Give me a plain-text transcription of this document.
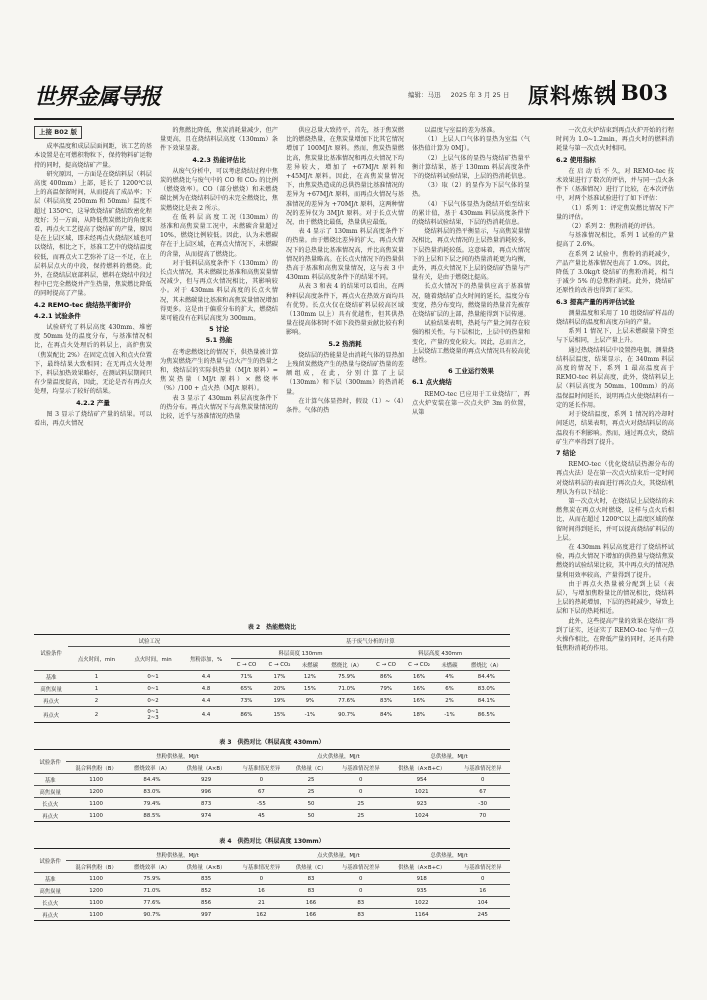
世界金属导报	编辑：马迅 2025 年 3 月 25 日 原料炼铁 B03
上接 B02 版

成率温度和成层层面间距，该工艺的基本设置是在可燃积物粒下，保持物料矿运物持的同时，提高烧结矿产量。

研究原因，一方面是在烧结料层（料层高度 400mm）上部，延长了 1200℃以上的高温保留时间，从而提高了成品率；下层（料层高度 250mm 和 50mm）温度不超过 1350℃，这导致烧结矿烧结致密化程度好；另一方面，从降低焦炭燃比的角度来看，再点火工艺提高了烧结矿的产量，原因是在上层区域，即未经再点火烧结区域也可以烧结，相比之下，基准工艺中的烧结温度较低，而再点火工艺弥补了这一不足，在上层料层点火的中段，保持燃料的燃烧。此外，在烧结层底部料层，燃料在烧结中段过程中已完全燃烧并产生热量，焦炭燃比降低的同时提高了产量。

4.2 REMO-tec 烧结热平衡评价
4.2.1 试验条件

试验研究了料层高度 430mm、堆密度 50mm 处的温度分布，与基准情况相比，在再点火处理后的料层上，高炉焦炭（焦炭配比 2%）在固定点加入和点火位置下，最终结果大致相同；在无再点火处理下，料层加热效果略好，在测试料层期间只有少量温度提高，因此，无论是否有再点火处理，均显示了较好的结果。

4.2.2 产量

图 3 显示了烧结矿产量的结果。可以看出，再点火情况

的焦燃比降低，焦炭消耗量减少，但产量更高，且在烧结料层高度（130mm）条件下效果显著。

4.2.3 热能评估比

从废气分析中，可以考虑烧结过程中焦炭的燃烧比与废气中的 CO 和 CO₂ 的比例（燃烧效率）。CO（部分燃烧）和未燃烧碳比例为在烧结料层中的未完全燃烧比，焦炭燃烧比是表 2 所示。

在 低 料 层 高 度 工 况（130mm）的基准和高焦炭量工况中，未燃碳含量超过 10%，燃烧比例较低。因此，认为未燃碳存在于上层区域，在再点火情况下，未燃碳的含量，从而提高了燃烧比。

对于低料层高度条件下（130mm）的长点火情况，其未燃碳比基准和高焦炭量情况减少，但与再点火情况相比，其影响较小。对于 430mm 料层高度的长点火情况，其未燃碳量比基准和高焦炭量情况增加得更多。这是由于偏重分布的扩大，燃烧结果可能没有在料层高度为 300mm。

5 讨论
5.1 热能

在考虑燃烧比的情况下，供热量被计算为焦炭燃烧产生的热量与点火产生的热量之和，烧结层的实际供热量（MJ/t 原料）= 焦炭热量（MJ/t 原料）× 燃烧率（%）/100 + 点火热（MJ/t 原料）。

表 3 显示了 430mm 料层高度条件下的热分布。再点火情况下与高焦炭量情况的比较，近乎与基准情况的热量

供应总量大致持平，首先，基于焦炭燃比的燃烧热量，在焦炭量增加下比其它情况增加了 100MJ/t 原料。然而，焦炭热量燃比高，焦炭量比基准情况和再点火情况下均差异较大，增加了 +67MJ/t 原料和 +45MJ/t 原料。因此，在高焦炭量情况下，由焦炭热造成的总供热量比基准情况的差异为 +67MJ/t 原料，而再点火情况与基准情况的差异为 +70MJ/t 原料，这两种情况的差异仅为 3MJ/t 原料。对于长点火情况，由于燃烧比最低，热量供应最低。

表 4 显示了 130mm 料层高度条件下的热量。由于燃烧比差异的扩大，再点火情况下的总热量比基准情况高，并比高焦炭量情况的热量略高。在长点火情况下的热量供热高于基准和高焦炭量情况，这与表 3 中 430mm 料层高度条件下的结果不同。

从表 3 和表 4 的结果可以看出，在两种料层高度条件下，再点火在热效方面均具有优势。长点火仅在烧结矿料层较高区域（130mm 以上）具有优越性，但其供热量在提高体积时不如下段热量贡献比较有利影响。

5.2 热消耗

烧结层的热能量是由消耗气体的显热加上残留炭燃烧产生的热量与烧结矿热量的差额组成，在此，分别计算了上层（130mm）和下层（300mm）的热消耗量。

在计算气体显热时，假设（1）~（4）条件。气体的热

以温度与室温的差为基准。

（1）上层人口气体的显热为室温（气体热值计算为 0MJ）。

（2）上层气体的显热与烧结矿热量平衡计算结果，基于 130mm 料层高度条件下的烧结料试验结果，上层的热消耗信息。

（3）取（2）的显作为下层气体的显热。

（4）下层气体显热为烧结开始至结束的累计值，基于 430mm 料层高度条件下的烧结料试验结果，下层的热消耗信息。

烧结料层的热平衡显示，与高焦炭量情况相比，再点火情况的上层热量消耗较多，下层热量消耗较低。这意味着，再点火情况下的上层和下层之间的热量消耗更为均衡，此外，再点火情况下上层的烧结矿热量与产量有关，是由于燃烧比提高。

长点火情况下的热量供应高于基准情况，随着烧结矿点火时间的延长，温度分布变宽，热分布变均，燃烧量的热量首先被存在烧结矿层的上部，热量能得到下层传递。

试验结果表明，热耗与产量之间存在较强的相关性，与下层相比，上层中的热量和变化，产量的变化较大。因此，总而言之，上层烧结工燃烧量的再点火情况具有较高优越性。

6 工业运行效果
6.1 点火烧结

REMO-tec 已应用于工业烧结厂，再点火炉安装在第一次点火炉 3m 的位置，从第

一次点火炉结束到再点火炉开始的行程时间为 1.0~1.2min，再点火时的燃料消耗量与第一次点火时相同。

6.2 使用指标

在 启 动 后 不 久，对 REMO-tec 技术效果进行了数次的评估，并与同一点火条件下（基准情况）进行了比较，在本次评估中，对两个基准试验进行了如下评估：

（1）系列 1：评定焦炭燃比情况下产量的评估。

（2）系列 2：焦粉消耗的评估。

与基准情况相比，系列 1 试验的产量提高了 2.6%。

在系列 2 试验中，焦粉的消耗减少，产品产量比基准情况也高了 1.0%。因此，降低了 3.0kg/t 烧结矿的焦粉消耗，相当于减少 5% 的总焦粉消耗。此外，烧结矿还原性的改善也得到了证实。

6.3 提高产量的再评估试验

测量温度和采用了 10 组烧结矿样品的烧结料层的温度和高度方向的产量。

系列 1 情况下，上层未燃碳量下降至与下层相同，上层产量上升。

通过热烧结料层中设置热电偶，测量烧结料层温度，结果显示，在 340mm 料层高度的情况下，系列 1 最高温度高于 REMO-tec 料层高度，此外，烧结料层上层（料层高度为 50mm、100mm）的高温保温时间延长，说明再点火使烧结料有一定的延长作用。

对于烧结温度，系列 1 情况的冷却时间延迟，结果表明，再点火对烧结料层的高温段有不利影响。然而，通过再点火，烧结矿生产率得到了提升。

7 结论

REMO-tec（优化烧结层热源分布的再点火法）是在第一次点火结束后一定时间对烧结料层的表面进行再次点火，其烧结机理认为有以下结论：

第一次点火时，在烧结层上层烧结的未燃焦炭在再点火时燃烧，这样与点火后相比，从而在超过 1200℃以上温度区域的保留时间得到延长，并可以提高烧结矿料层的上层。

在 430mm 料层高度进行了烧结杯试验，再点火情况下增加的供热量与烧结焦炭燃烧的试验结果比较，其中再点火的情况热量利用效率较高，产量得到了提升。

由于再点火热量被分配到上层（表层），与增加焦粉量比的情况相比，烧结料上层的热耗增加，下层的热耗减少，导致上层和下层的热耗相近。

此外，这些提高产量的效果在烧结厂得到了证实，还证实了 REMO-tec 与单一点火操作相比，在降低产量的同时，还具有降低焦粉消耗的作用。

表 2　热能燃烧比
试验条件	试验工况			基于废气分析的计算							
	点火时间，min	点火时间，min	焦粉添加，%	料层高度 130mm				料层高度 430mm			
				C → CO	C → CO₂	未燃碳	燃烧比（A）	C → CO	C → CO₂	未燃碳	燃烧比（A）
基准	1	0~1	4.4	71%	17%	12%	75.9%	86%	16%	4%	84.4%
高焦炭量	1	0~1	4.8	65%	20%	15%	71.0%	79%	16%	6%	83.0%
再点火	2	0~2	4.4	73%	19%	9%	77.6%	83%	16%	2%	84.1%
再点火	2	0~1
2~3	4.4	86%	15%	-1%	90.7%	84%	18%	-1%	86.5%
表 3　供热对比（料层高度 430mm）
试验条件	焦粉供热量，MJ/t				点火供热量，MJ/t		总供热量，MJ/t	
	混合料焦粉（B）	燃烧效率（A）	供热量（A×B）	与基准情况差异	供热量（C）	与基准情况差异	供热量（A×B+C）	与基准情况差异
基准	1100	84.4%	929	0	25	0	954	0
高焦炭量	1200	83.0%	996	67	25	0	1021	67
长点火	1100	79.4%	873	-55	50	25	923	-30
再点火	1100	88.5%	974	45	50	25	1024	70
表 4　供热对比（料层高度 130mm）
试验条件	焦粉供热量，MJ/t				点火供热量，MJ/t		总供热量，MJ/t	
	混合料焦粉（B）	燃烧效率（A）	供热量（A×B）	与基准情况差异	供热量（C）	与基准情况差异	供热量（A×B+C）	与基准情况差异
基准	1100	75.9%	835	0	83	0	918	0
高焦炭量	1200	71.0%	852	16	83	0	935	16
长点火	1100	77.6%	856	21	166	83	1022	104
再点火	1100	90.7%	997	162	166	83	1164	245
